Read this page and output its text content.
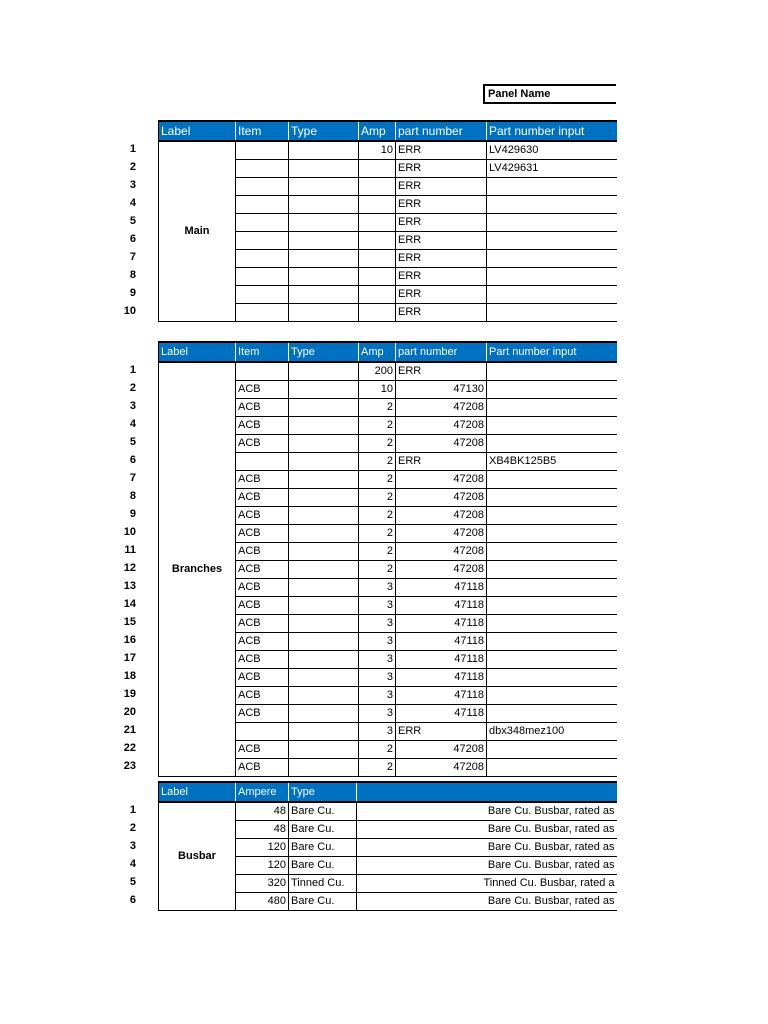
Panel Name
1
2
3
4
5
6
7
8
9
10
Label	Item	Type	Amp	part number	Part number input
Main			10	ERR	LV429630
				ERR	LV429631
				ERR	
				ERR	
				ERR	
				ERR	
				ERR	
				ERR	
				ERR	
				ERR	
1
2
3
4
5
6
7
8
9
10
11
12
13
14
15
16
17
18
19
20
21
22
23
Label	Item	Type	Amp	part number	Part number input
Branches			200	ERR	
	ACB		10	47130	
	ACB		2	47208	
	ACB		2	47208	
	ACB		2	47208	
			2	ERR	XB4BK125B5
	ACB		2	47208	
	ACB		2	47208	
	ACB		2	47208	
	ACB		2	47208	
	ACB		2	47208	
	ACB		2	47208	
	ACB		3	47118	
	ACB		3	47118	
	ACB		3	47118	
	ACB		3	47118	
	ACB		3	47118	
	ACB		3	47118	
	ACB		3	47118	
	ACB		3	47118	
			3	ERR	dbx348mez100
	ACB		2	47208	
	ACB		2	47208	
1
2
3
4
5
6
Label	Ampere	Type	
Busbar	48	Bare Cu.	Bare Cu. Busbar, rated as
	48	Bare Cu.	Bare Cu. Busbar, rated as
	120	Bare Cu.	Bare Cu. Busbar, rated as
	120	Bare Cu.	Bare Cu. Busbar, rated as
	320	Tinned Cu.	Tinned Cu. Busbar, rated a
	480	Bare Cu.	Bare Cu. Busbar, rated as
